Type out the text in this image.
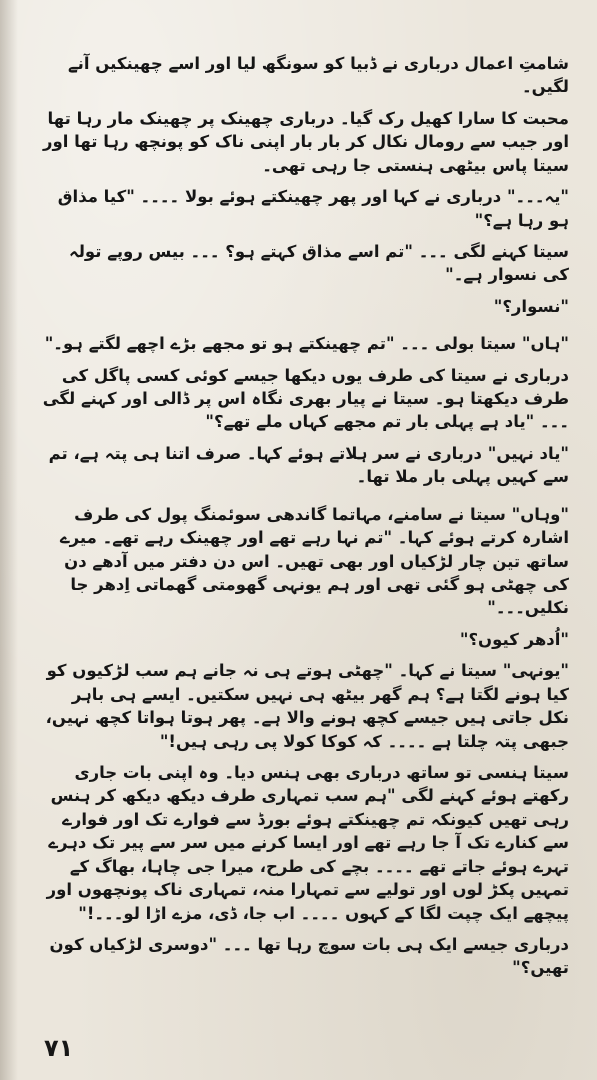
شامتِ اعمال درباری نے ڈبیا کو سونگھ لیا اور اسے چھینکیں آنے لگیں۔

محبت کا سارا کھیل رک گیا۔ درباری چھینک پر چھینک مار رہا تھا اور جیب سے رومال نکال کر بار بار اپنی ناک کو پونچھ رہا تھا اور سیتا پاس بیٹھی ہنستی جا رہی تھی۔

"یہ۔۔۔" درباری نے کہا اور پھر چھینکتے ہوئے بولا ۔۔۔۔ "کیا مذاق ہو رہا ہے؟"

سیتا کہنے لگی ۔۔۔ "تم اسے مذاق کہتے ہو؟ ۔۔۔ بیس روپے تولہ کی نسوار ہے۔"

"نسوار؟"

"ہاں" سیتا بولی ۔۔۔ "تم چھینکتے ہو تو مجھے بڑے اچھے لگتے ہو۔"

درباری نے سیتا کی طرف یوں دیکھا جیسے کوئی کسی پاگل کی طرف دیکھتا ہو۔ سیتا نے پیار بھری نگاہ اس پر ڈالی اور کہنے لگی ۔۔۔ "یاد ہے پہلی بار تم مجھے کہاں ملے تھے؟"

"یاد نہیں" درباری نے سر ہلاتے ہوئے کہا۔ صرف اتنا ہی پتہ ہے، تم سے کہیں پہلی بار ملا تھا۔

"وہاں" سیتا نے سامنے، مہاتما گاندھی سوئمنگ پول کی طرف اشارہ کرتے ہوئے کہا۔ "تم نہا رہے تھے اور چھینک رہے تھے۔ میرے ساتھ تین چار لڑکیاں اور بھی تھیں۔ اس دن دفتر میں آدھے دن کی چھٹی ہو گئی تھی اور ہم یونہی گھومتی گھماتی اِدھر جا نکلیں۔۔۔"

"اُدھر کیوں؟"

"یونہی" سیتا نے کہا۔ "چھٹی ہوتے ہی نہ جانے ہم سب لڑکیوں کو کیا ہونے لگتا ہے؟ ہم گھر بیٹھ ہی نہیں سکتیں۔ ایسے ہی باہر نکل جاتی ہیں جیسے کچھ ہونے والا ہے۔ پھر ہوتا ہواتا کچھ نہیں، جبھی پتہ چلتا ہے ۔۔۔۔ کہ کوکا کولا پی رہی ہیں!"

سیتا ہنسی تو ساتھ درباری بھی ہنس دیا۔ وہ اپنی بات جاری رکھتے ہوئے کہنے لگی "ہم سب تمہاری طرف دیکھ دیکھ کر ہنس رہی تھیں کیونکہ تم چھینکتے ہوئے بورڈ سے فوارے تک اور فوارے سے کنارے تک آ جا رہے تھے اور ایسا کرنے میں سر سے پیر تک دہرے تہرے ہوئے جاتے تھے ۔۔۔۔ بچے کی طرح، میرا جی چاہا، بھاگ کے تمہیں پکڑ لوں اور تولیے سے تمہارا منہ، تمہاری ناک پونچھوں اور پیچھے ایک چپت لگا کے کہوں ۔۔۔۔ اب جا، ڈی، مزے اڑا لو۔۔۔!"

درباری جیسے ایک ہی بات سوچ رہا تھا ۔۔۔ "دوسری لڑکیاں کون تھیں؟"

۷۱
